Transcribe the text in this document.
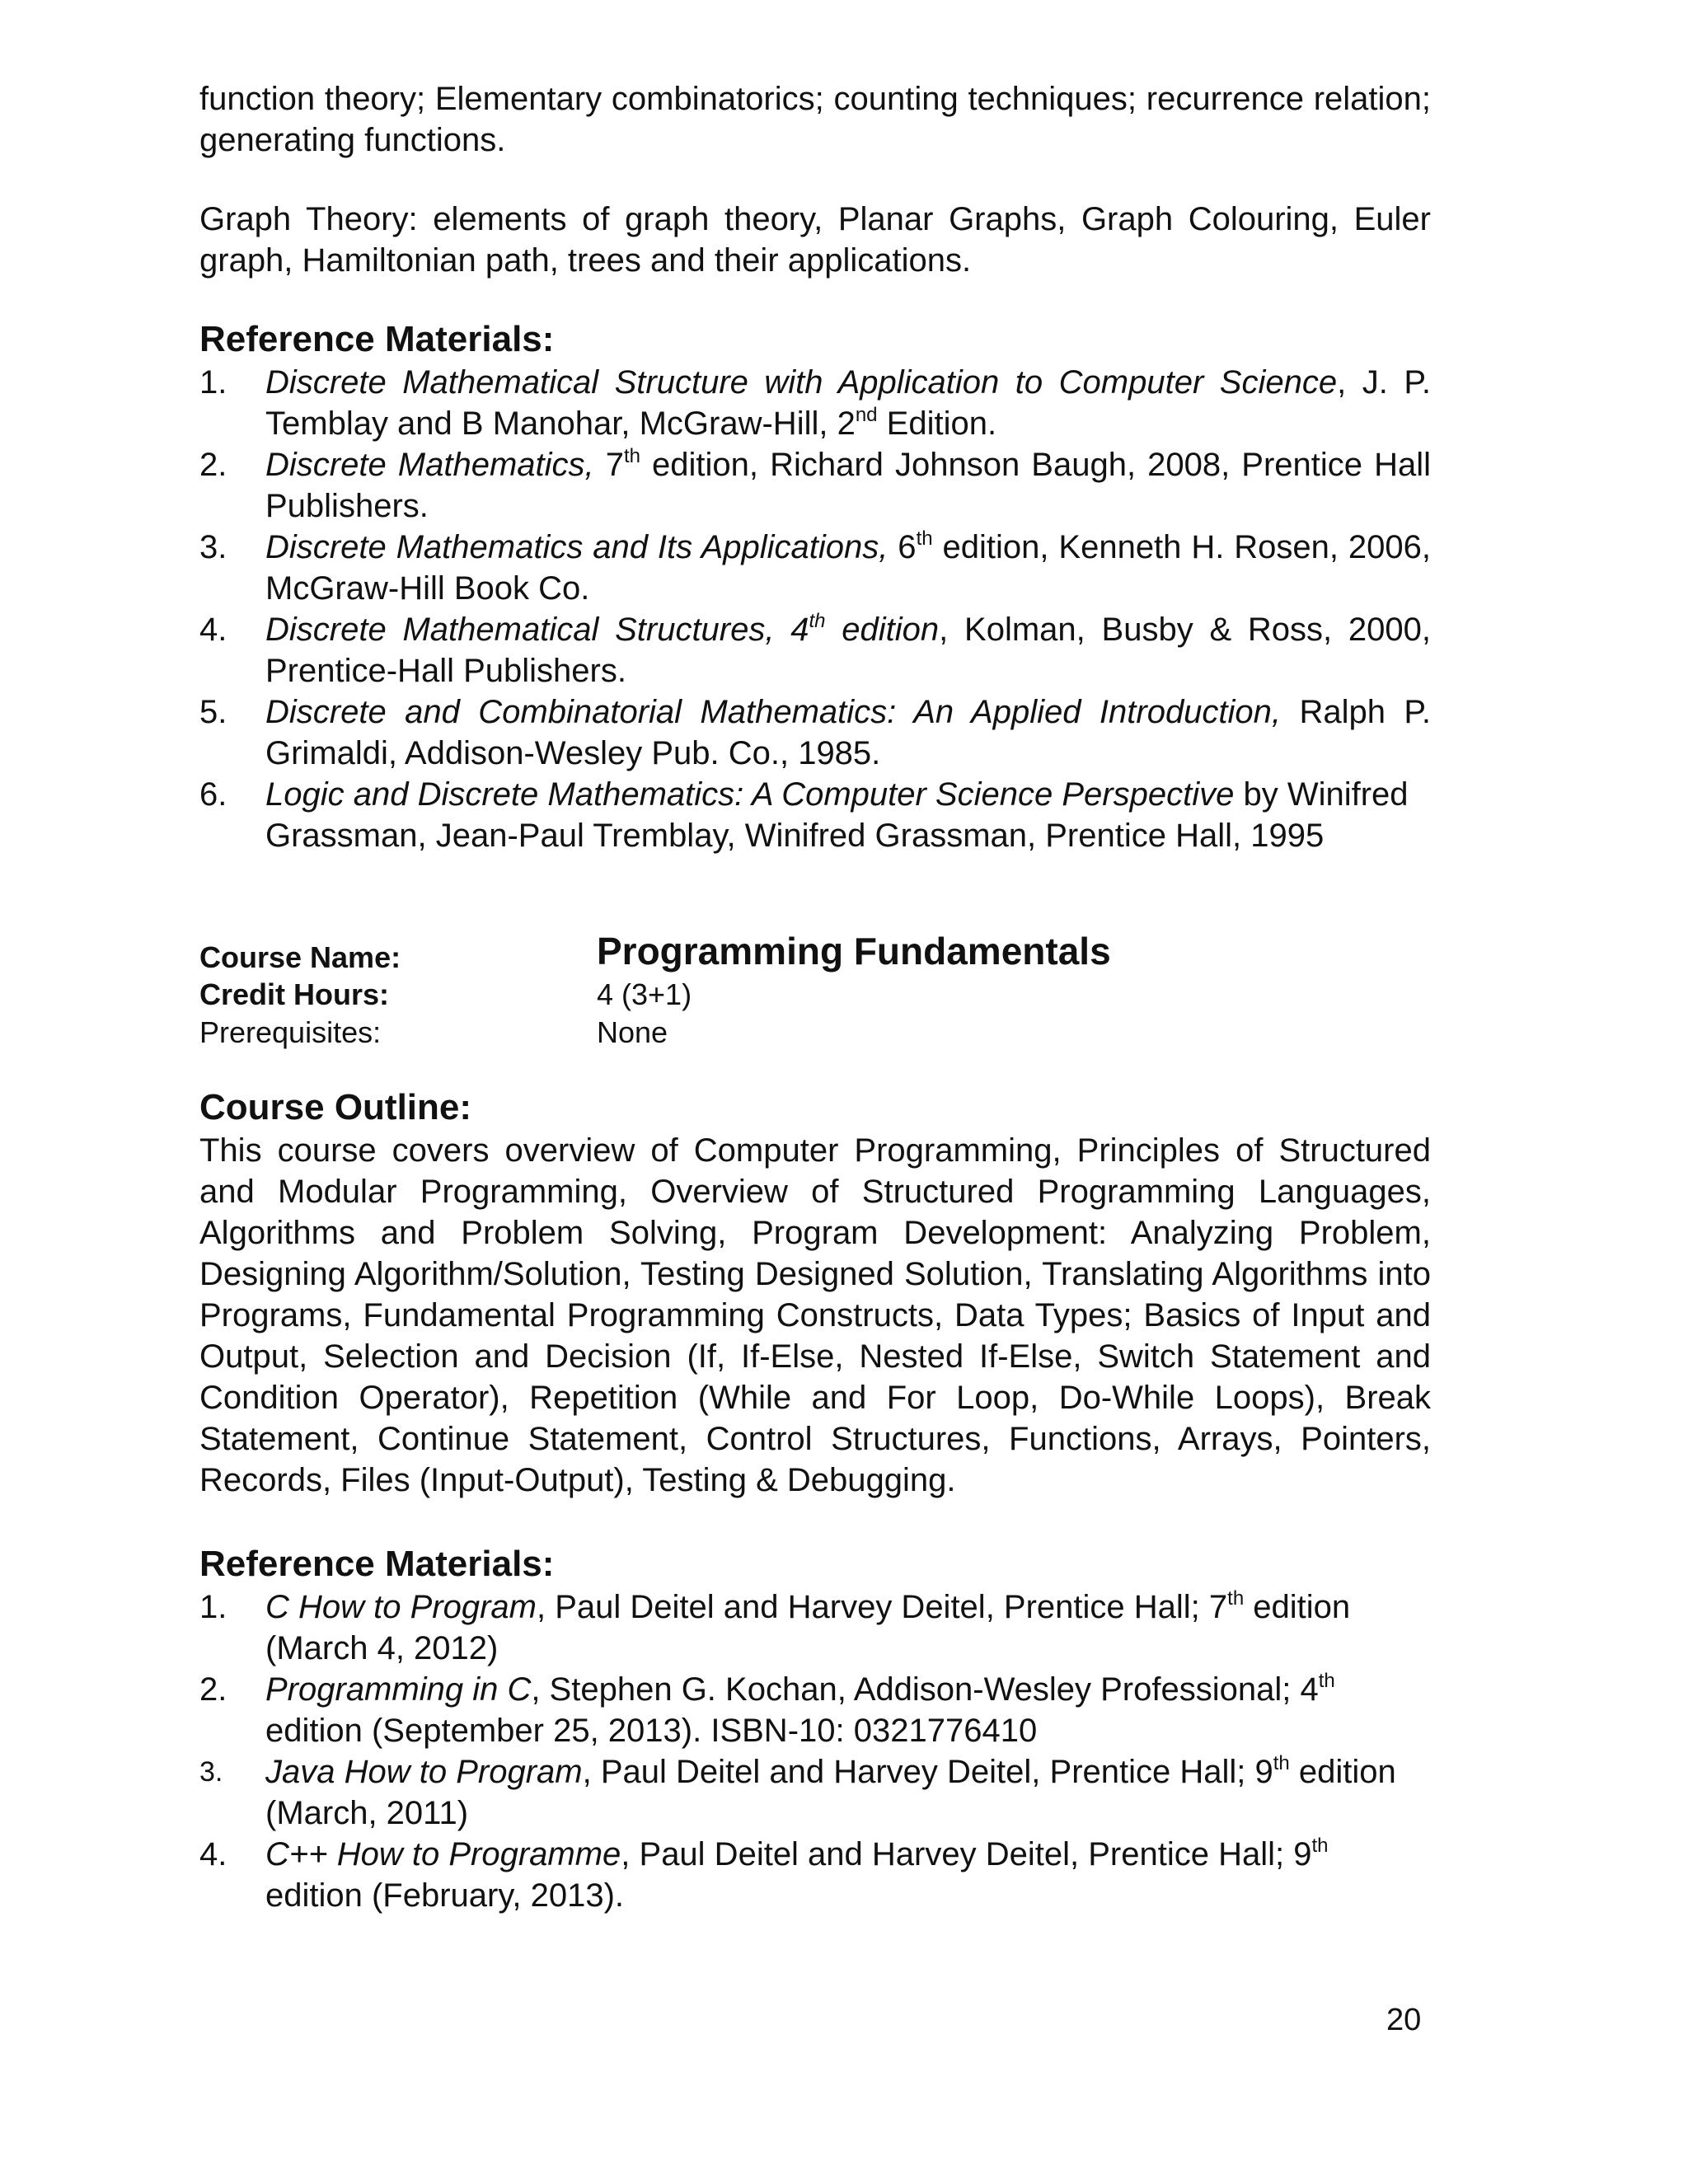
function theory; Elementary combinatorics; counting techniques; recurrence relation; generating functions.

Graph Theory: elements of graph theory, Planar Graphs, Graph Colouring, Euler graph, Hamiltonian path, trees and their applications.

Reference Materials:
1. Discrete Mathematical Structure with Application to Computer Science, J. P. Temblay and B Manohar, McGraw-Hill, 2nd Edition.
2. Discrete Mathematics, 7th edition, Richard Johnson Baugh, 2008, Prentice Hall Publishers.
3. Discrete Mathematics and Its Applications, 6th edition, Kenneth H. Rosen, 2006, McGraw-Hill Book Co.
4. Discrete Mathematical Structures, 4th edition, Kolman, Busby & Ross, 2000, Prentice-Hall Publishers.
5. Discrete and Combinatorial Mathematics: An Applied Introduction, Ralph P. Grimaldi, Addison-Wesley Pub. Co., 1985.
6. Logic and Discrete Mathematics: A Computer Science Perspective by Winifred Grassman, Jean-Paul Tremblay, Winifred Grassman, Prentice Hall, 1995
Course Name:	Programming Fundamentals
Credit Hours:	4 (3+1)
Prerequisites:	None
Course Outline:

This course covers overview of Computer Programming, Principles of Structured and Modular Programming, Overview of Structured Programming Languages, Algorithms and Problem Solving, Program Development: Analyzing Problem, Designing Algorithm/Solution, Testing Designed Solution, Translating Algorithms into Programs, Fundamental Programming Constructs, Data Types; Basics of Input and Output, Selection and Decision (If, If-Else, Nested If-Else, Switch Statement and Condition Operator), Repetition (While and For Loop, Do-While Loops), Break Statement, Continue Statement, Control Structures, Functions, Arrays, Pointers, Records, Files (Input-Output), Testing & Debugging.

Reference Materials:
1. C How to Program, Paul Deitel and Harvey Deitel, Prentice Hall; 7th edition (March 4, 2012)
2. Programming in C, Stephen G. Kochan, Addison-Wesley Professional; 4th edition (September 25, 2013). ISBN-10: 0321776410
3. Java How to Program, Paul Deitel and Harvey Deitel, Prentice Hall; 9th edition (March, 2011)
4. C++ How to Programme, Paul Deitel and Harvey Deitel, Prentice Hall; 9th edition (February, 2013).
20
